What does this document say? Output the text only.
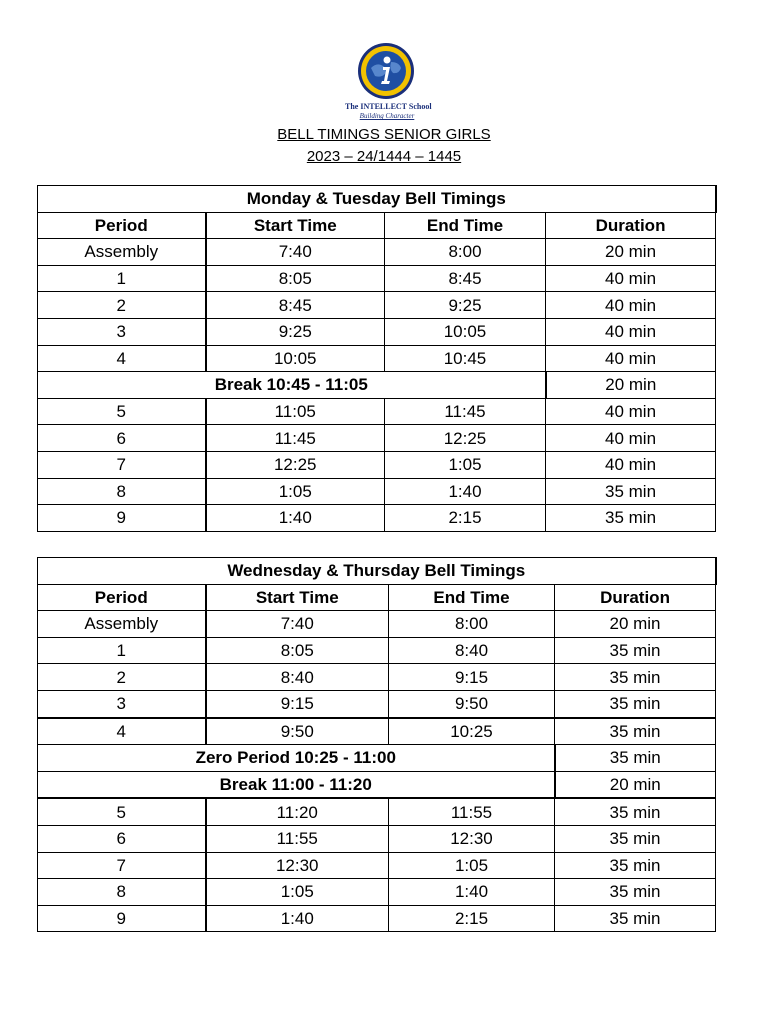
The INTELLECT School
Building Character
BELL TIMINGS SENIOR GIRLS
2023 – 24/1444 – 1445
Monday & Tuesday Bell Timings			
Period	Start Time	End Time	Duration
Assembly	7:40	8:00	20 min
1	8:05	8:45	40 min
2	8:45	9:25	40 min
3	9:25	10:05	40 min
4	10:05	10:45	40 min
Break 10:45 - 11:05			20 min
5	11:05	11:45	40 min
6	11:45	12:25	40 min
7	12:25	1:05	40 min
8	1:05	1:40	35 min
9	1:40	2:15	35 min
Wednesday & Thursday Bell Timings			
Period	Start Time	End Time	Duration
Assembly	7:40	8:00	20 min
1	8:05	8:40	35 min
2	8:40	9:15	35 min
3	9:15	9:50	35 min
4	9:50	10:25	35 min
Zero Period 10:25 - 11:00			35 min
Break 11:00 - 11:20			20 min
5	11:20	11:55	35 min
6	11:55	12:30	35 min
7	12:30	1:05	35 min
8	1:05	1:40	35 min
9	1:40	2:15	35 min
